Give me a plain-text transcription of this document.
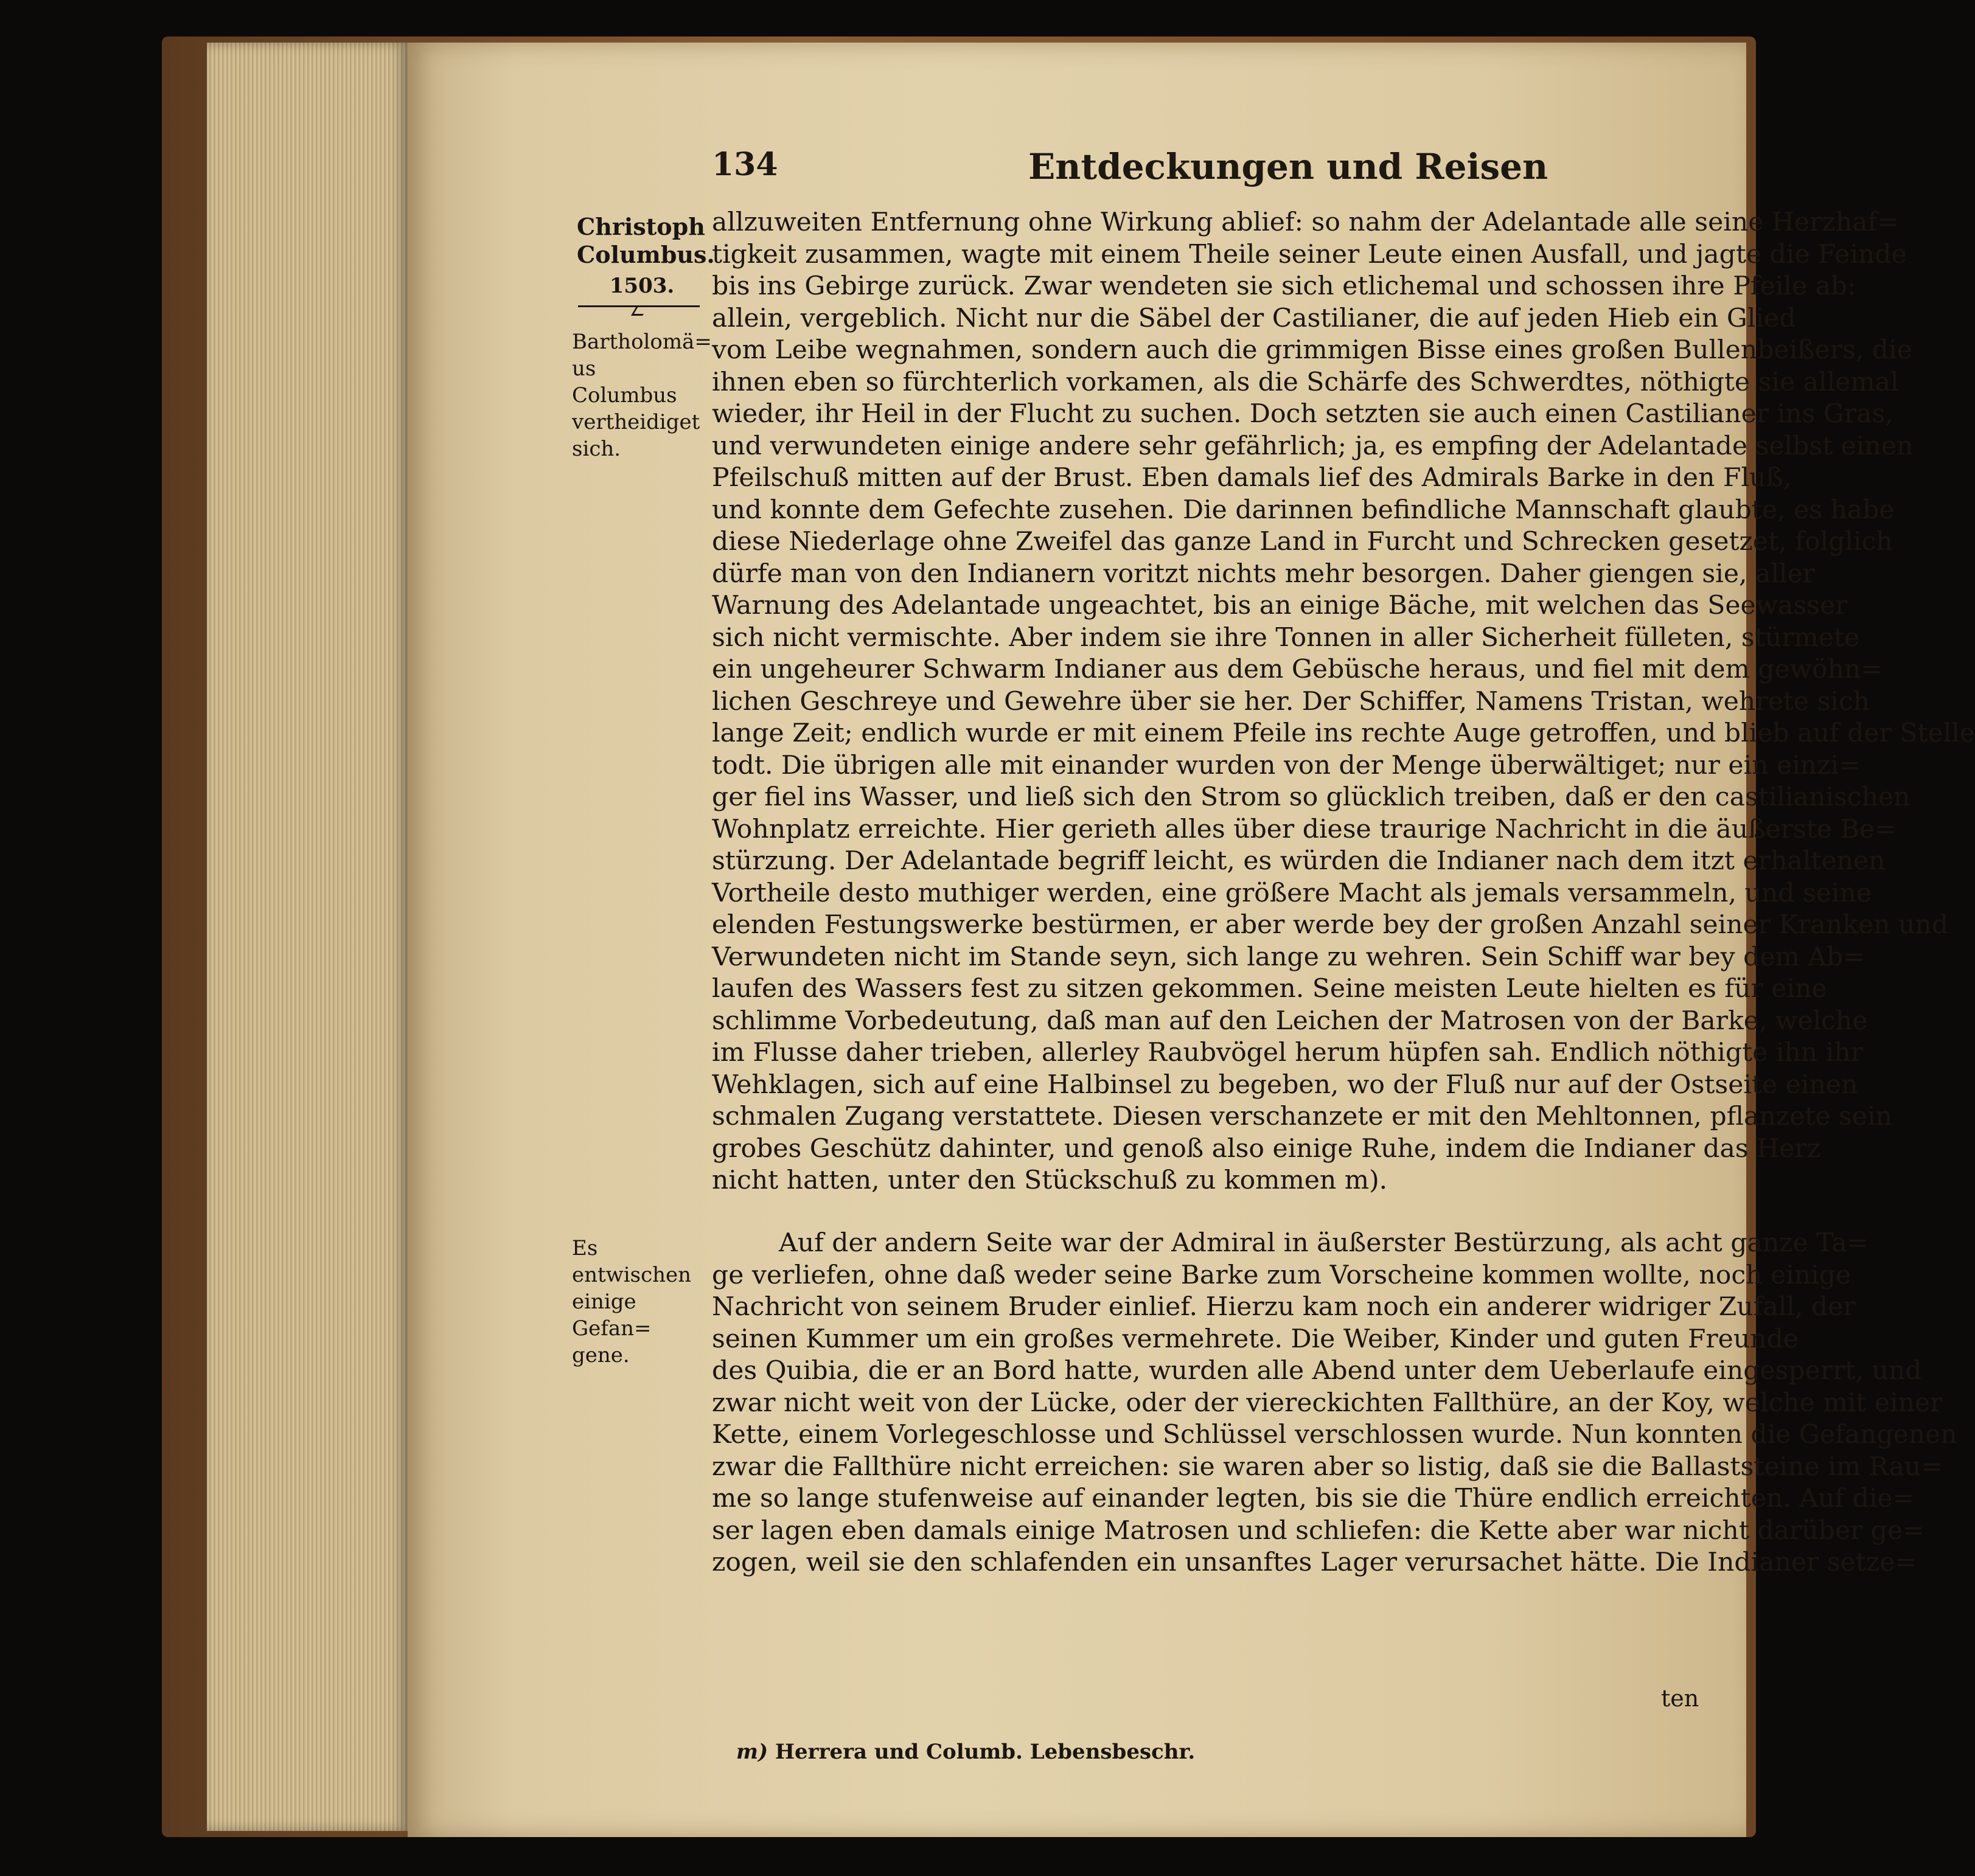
134	Entdeckungen und Reisen
Christoph Columbus.
1503.
Bartholomä= us Columbus vertheidiget sich.
Es entwischen einige Gefan= gene.
allzuweiten Entfernung ohne Wirkung ablief: so nahm der Adelantade alle seine Herzhaf=
tigkeit zusammen, wagte mit einem Theile seiner Leute einen Ausfall, und jagte die Feinde
bis ins Gebirge zurück. Zwar wendeten sie sich etlichemal und schossen ihre Pfeile ab:
allein, vergeblich. Nicht nur die Säbel der Castilianer, die auf jeden Hieb ein Glied
vom Leibe wegnahmen, sondern auch die grimmigen Bisse eines großen Bullenbeißers, die
ihnen eben so fürchterlich vorkamen, als die Schärfe des Schwerdtes, nöthigte sie allemal
wieder, ihr Heil in der Flucht zu suchen. Doch setzten sie auch einen Castilianer ins Gras,
und verwundeten einige andere sehr gefährlich; ja, es empfing der Adelantade selbst einen
Pfeilschuß mitten auf der Brust. Eben damals lief des Admirals Barke in den Fluß,
und konnte dem Gefechte zusehen. Die darinnen befindliche Mannschaft glaubte, es habe
diese Niederlage ohne Zweifel das ganze Land in Furcht und Schrecken gesetzet, folglich
dürfe man von den Indianern voritzt nichts mehr besorgen. Daher giengen sie, aller
Warnung des Adelantade ungeachtet, bis an einige Bäche, mit welchen das Seewasser
sich nicht vermischte. Aber indem sie ihre Tonnen in aller Sicherheit fülleten, stürmete
ein ungeheurer Schwarm Indianer aus dem Gebüsche heraus, und fiel mit dem gewöhn=
lichen Geschreye und Gewehre über sie her. Der Schiffer, Namens Tristan, wehrete sich
lange Zeit; endlich wurde er mit einem Pfeile ins rechte Auge getroffen, und blieb auf der Stelle
todt. Die übrigen alle mit einander wurden von der Menge überwältiget; nur ein einzi=
ger fiel ins Wasser, und ließ sich den Strom so glücklich treiben, daß er den castilianischen
Wohnplatz erreichte. Hier gerieth alles über diese traurige Nachricht in die äußerste Be=
stürzung. Der Adelantade begriff leicht, es würden die Indianer nach dem itzt erhaltenen
Vortheile desto muthiger werden, eine größere Macht als jemals versammeln, und seine
elenden Festungswerke bestürmen, er aber werde bey der großen Anzahl seiner Kranken und
Verwundeten nicht im Stande seyn, sich lange zu wehren. Sein Schiff war bey dem Ab=
laufen des Wassers fest zu sitzen gekommen. Seine meisten Leute hielten es für eine
schlimme Vorbedeutung, daß man auf den Leichen der Matrosen von der Barke, welche
im Flusse daher trieben, allerley Raubvögel herum hüpfen sah. Endlich nöthigte ihn ihr
Wehklagen, sich auf eine Halbinsel zu begeben, wo der Fluß nur auf der Ostseite einen
schmalen Zugang verstattete. Diesen verschanzete er mit den Mehltonnen, pflanzete sein
grobes Geschütz dahinter, und genoß also einige Ruhe, indem die Indianer das Herz
nicht hatten, unter den Stückschuß zu kommen m).
Auf der andern Seite war der Admiral in äußerster Bestürzung, als acht ganze Ta=
ge verliefen, ohne daß weder seine Barke zum Vorscheine kommen wollte, noch einige
Nachricht von seinem Bruder einlief. Hierzu kam noch ein anderer widriger Zufall, der
seinen Kummer um ein großes vermehrete. Die Weiber, Kinder und guten Freunde
des Quibia, die er an Bord hatte, wurden alle Abend unter dem Ueberlaufe eingesperrt, und
zwar nicht weit von der Lücke, oder der viereckichten Fallthüre, an der Koy, welche mit einer
Kette, einem Vorlegeschlosse und Schlüssel verschlossen wurde. Nun konnten die Gefangenen
zwar die Fallthüre nicht erreichen: sie waren aber so listig, daß sie die Ballaststeine im Rau=
me so lange stufenweise auf einander legten, bis sie die Thüre endlich erreichten. Auf die=
ser lagen eben damals einige Matrosen und schliefen: die Kette aber war nicht darüber ge=
zogen, weil sie den schlafenden ein unsanftes Lager verursachet hätte. Die Indianer setze=
ten
m) Herrera und Columb. Lebensbeschr.
